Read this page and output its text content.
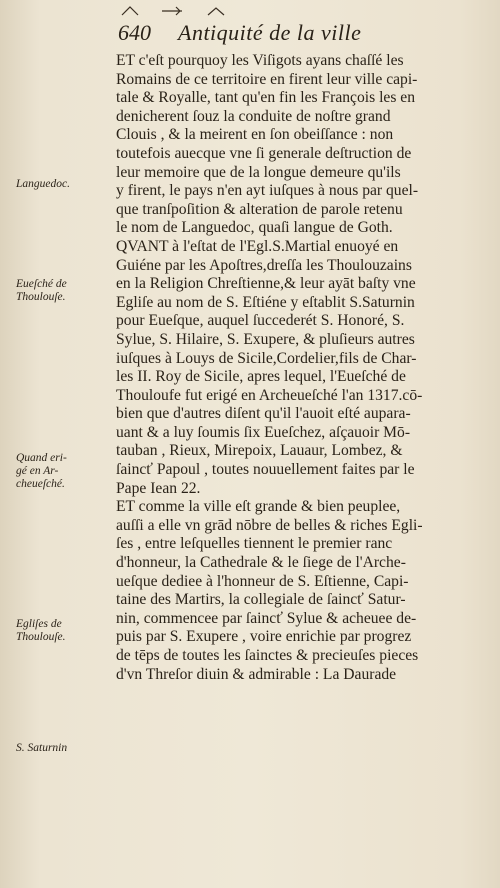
640 Antiquité de la ville
Languedoc.
Eueſché de
Thoulouſe.
Quand eri-
gé en Ar-
cheueſché.
Egliſes de
Thoulouſe.
S. Saturnin
ET c'eſt pourquoy les Viſigots ayans chaſſé les
Romains de ce territoire en firent leur ville capi-
tale & Royalle, tant qu'en fin les François les en
denicherent ſouz la conduite de noſtre grand
Clouis , & la meirent en ſon obeiſſance : non
toutefois auecque vne ſi generale deſtruction de
leur memoire que de la longue demeure qu'ils
y firent, le pays n'en ayt iuſques à nous par quel-
que tranſpoſition & alteration de parole retenu
le nom de Languedoc, quaſi langue de Goth.
QVANT à l'eſtat de l'Egl.S.Martial enuoyé en
Guiéne par les Apoſtres,dreſſa les Thoulouzains
en la Religion Chreſtienne,& leur ayāt baſty vne
Egliſe au nom de S. Eſtiéne y eſtablit S.Saturnin
pour Eueſque, auquel ſuccederét S. Honoré, S.
Sylue, S. Hilaire, S. Exupere, & pluſieurs autres
iuſques à Louys de Sicile,Cordelier,fils de Char-
les II. Roy de Sicile, apres lequel, l'Eueſché de
Thouloufe fut erigé en Archeueſché l'an 1317.cō-
bien que d'autres diſent qu'il l'auoit eſté aupara-
uant & a luy ſoumis ſix Eueſchez, aſçauoir Mō-
tauban , Rieux, Mirepoix, Lauaur, Lombez, &
ſaincť Papoul , toutes nouuellement faites par le
Pape Iean 22.
ET comme la ville eſt grande & bien peuplee,
auſſi a elle vn grād nōbre de belles & riches Egli-
ſes , entre leſquelles tiennent le premier ranc
d'honneur, la Cathedrale & le ſiege de l'Arche-
ueſque dediee à l'honneur de S. Eſtienne, Capi-
taine des Martirs, la collegiale de ſaincť Satur-
nin, commencee par ſaincť Sylue & acheuee de-
puis par S. Exupere , voire enrichie par progrez
de tēps de toutes les ſainctes & precieuſes pieces
d'vn Threſor diuin & admirable : La Daurade
